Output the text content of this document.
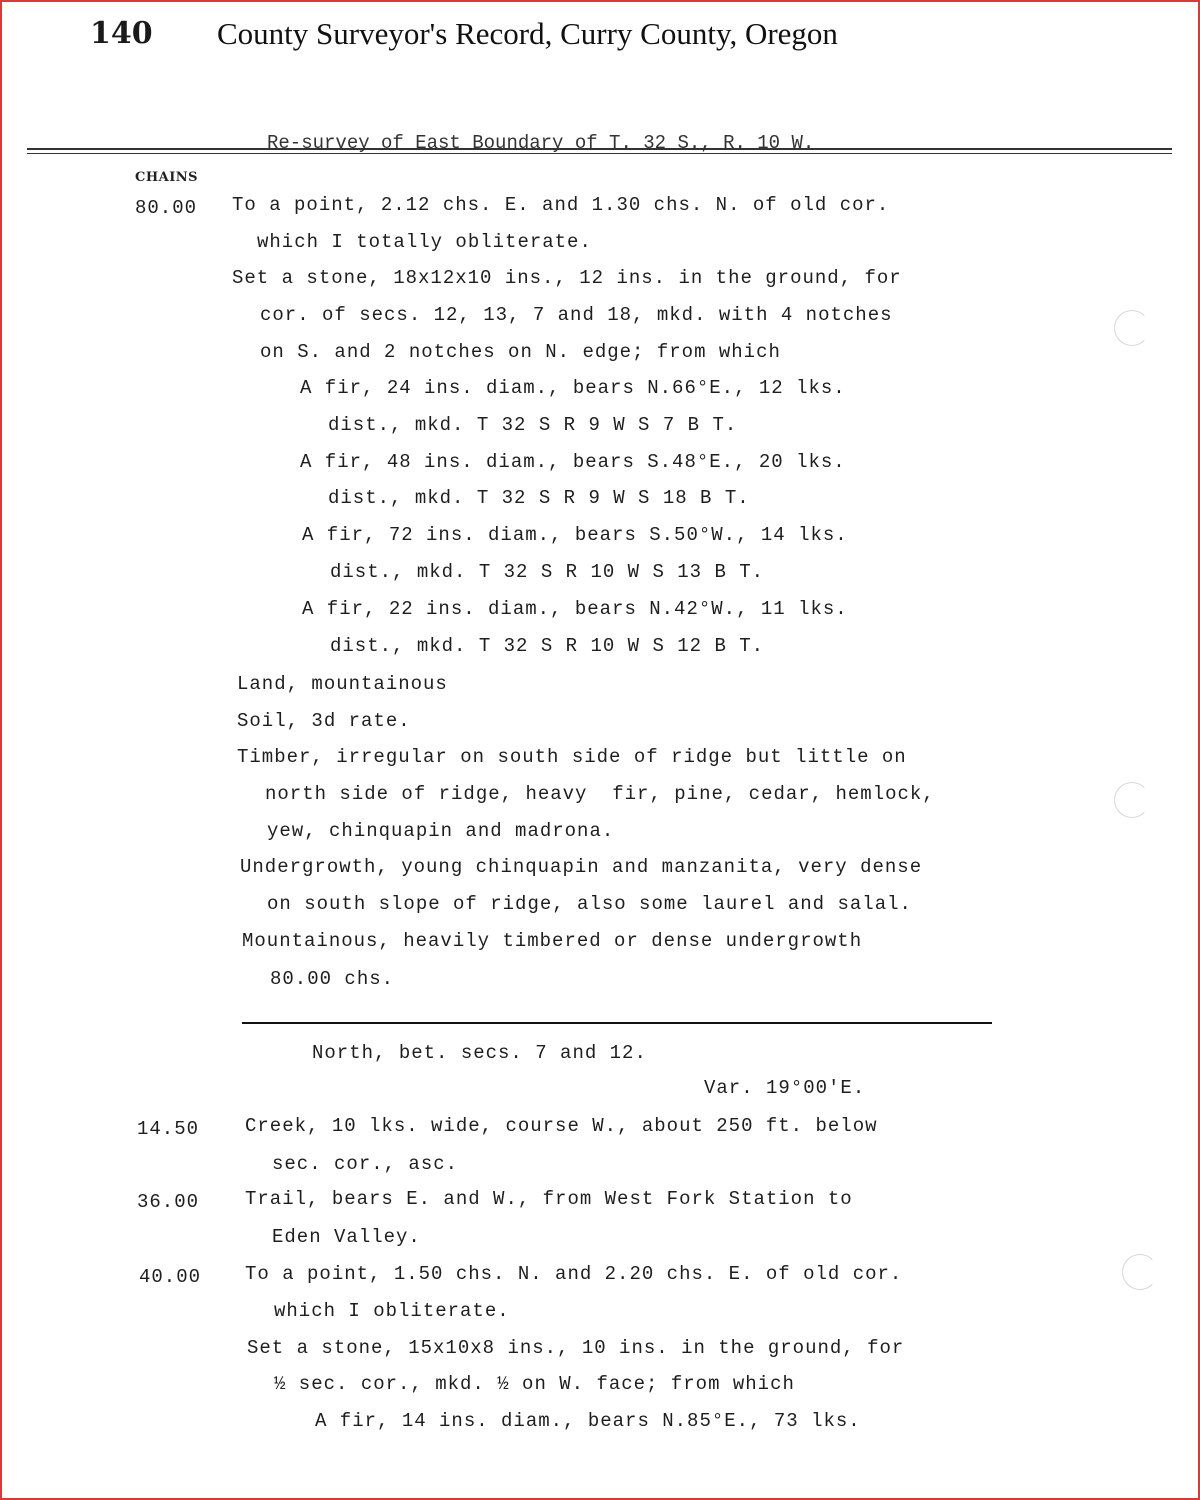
140 County Surveyor's Record, Curry County, Oregon
Re-survey of East Boundary of T. 32 S., R. 10 W.
CHAINS
80.00 To a point, 2.12 chs. E. and 1.30 chs. N. of old cor.
which I totally obliterate.
Set a stone, 18x12x10 ins., 12 ins. in the ground, for
cor. of secs. 12, 13, 7 and 18, mkd. with 4 notches
on S. and 2 notches on N. edge; from which
A fir, 24 ins. diam., bears N.66°E., 12 lks.
dist., mkd. T 32 S R 9 W S 7 B T.
A fir, 48 ins. diam., bears S.48°E., 20 lks.
dist., mkd. T 32 S R 9 W S 18 B T.
A fir, 72 ins. diam., bears S.50°W., 14 lks.
dist., mkd. T 32 S R 10 W S 13 B T.
A fir, 22 ins. diam., bears N.42°W., 11 lks.
dist., mkd. T 32 S R 10 W S 12 B T.
Land, mountainous
Soil, 3d rate.
Timber, irregular on south side of ridge but little on
north side of ridge, heavy  fir, pine, cedar, hemlock,
yew, chinquapin and madrona.
Undergrowth, young chinquapin and manzanita, very dense
on south slope of ridge, also some laurel and salal.
Mountainous, heavily timbered or dense undergrowth
80.00 chs.
North, bet. secs. 7 and 12.
Var. 19°00'E.
14.50 Creek, 10 lks. wide, course W., about 250 ft. below
sec. cor., asc.
36.00 Trail, bears E. and W., from West Fork Station to
Eden Valley.
40.00 To a point, 1.50 chs. N. and 2.20 chs. E. of old cor.
which I obliterate.
Set a stone, 15x10x8 ins., 10 ins. in the ground, for
½ sec. cor., mkd. ½ on W. face; from which
A fir, 14 ins. diam., bears N.85°E., 73 lks.
